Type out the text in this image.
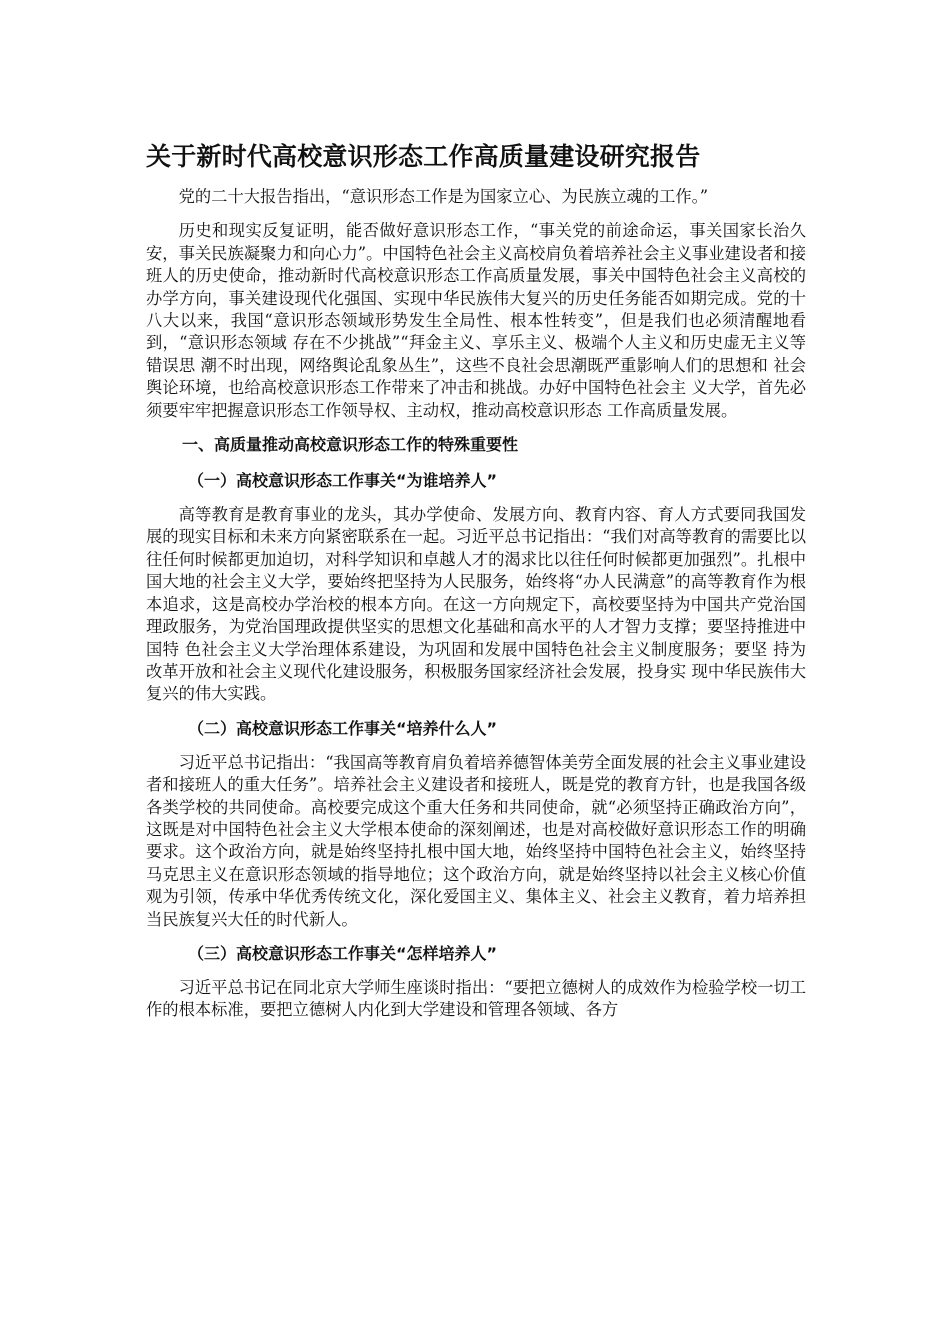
关于新时代高校意识形态工作高质量建设研究报告

党的二十大报告指出，“意识形态工作是为国家立心、为民族立魂的工作。”

历史和现实反复证明，能否做好意识形态工作，“事关党的前途命运，事关国家长治久安，事关民族凝聚力和向心力”。中国特色社会主义高校肩负着培养社会主义事业建设者和接班人的历史使命，推动新时代高校意识形态工作高质量发展，事关中国特色社会主义高校的办学方向，事关建设现代化强国、实现中华民族伟大复兴的历史任务能否如期完成。党的十八大以来，我国“意识形态领域形势发生全局性、根本性转变”，但是我们也必须清醒地看到，“意识形态领域 存在不少挑战”“拜金主义、享乐主义、极端个人主义和历史虚无主义等错误思 潮不时出现，网络舆论乱象丛生”，这些不良社会思潮既严重影响人们的思想和 社会舆论环境，也给高校意识形态工作带来了冲击和挑战。办好中国特色社会主 义大学，首先必须要牢牢把握意识形态工作领导权、主动权，推动高校意识形态 工作高质量发展。

一、高质量推动高校意识形态工作的特殊重要性
（一）高校意识形态工作事关“为谁培养人”

高等教育是教育事业的龙头，其办学使命、发展方向、教育内容、育人方式要同我国发展的现实目标和未来方向紧密联系在一起。习近平总书记指出：“我们对高等教育的需要比以往任何时候都更加迫切，对科学知识和卓越人才的渴求比以往任何时候都更加强烈”。扎根中国大地的社会主义大学，要始终把坚持为人民服务，始终将“办人民满意”的高等教育作为根本追求，这是高校办学治校的根本方向。在这一方向规定下，高校要坚持为中国共产党治国理政服务，为党治国理政提供坚实的思想文化基础和高水平的人才智力支撑；要坚持推进中国特 色社会主义大学治理体系建设，为巩固和发展中国特色社会主义制度服务；要坚 持为改革开放和社会主义现代化建设服务，积极服务国家经济社会发展，投身实 现中华民族伟大复兴的伟大实践。

（二）高校意识形态工作事关“培养什么人”

习近平总书记指出：“我国高等教育肩负着培养德智体美劳全面发展的社会主义事业建设者和接班人的重大任务”。培养社会主义建设者和接班人，既是党的教育方针，也是我国各级各类学校的共同使命。高校要完成这个重大任务和共同使命，就“必须坚持正确政治方向”，这既是对中国特色社会主义大学根本使命的深刻阐述，也是对高校做好意识形态工作的明确要求。这个政治方向，就是始终坚持扎根中国大地，始终坚持中国特色社会主义，始终坚持马克思主义在意识形态领域的指导地位；这个政治方向，就是始终坚持以社会主义核心价值观为引领，传承中华优秀传统文化，深化爱国主义、集体主义、社会主义教育，着力培养担当民族复兴大任的时代新人。

（三）高校意识形态工作事关“怎样培养人”

习近平总书记在同北京大学师生座谈时指出：“要把立德树人的成效作为检验学校一切工作的根本标准，要把立德树人内化到大学建设和管理各领域、各方
